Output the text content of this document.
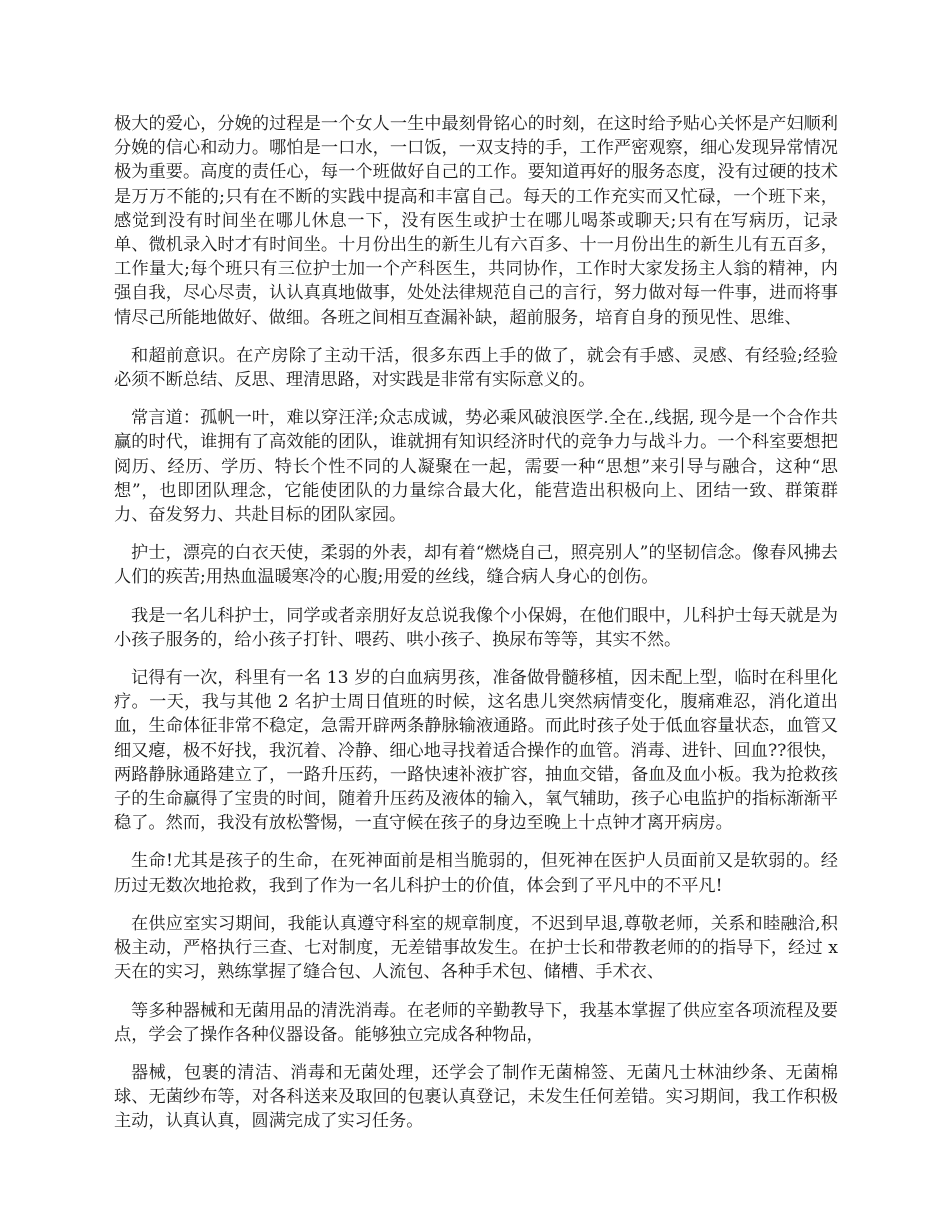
极大的爱心，分娩的过程是一个女人一生中最刻骨铭心的时刻，在这时给予贴心关怀是产妇顺利分娩的信心和动力。哪怕是一口水，一口饭，一双支持的手，工作严密观察，细心发现异常情况极为重要。高度的责任心，每一个班做好自己的工作。要知道再好的服务态度，没有过硬的技术是万万不能的;只有在不断的实践中提高和丰富自己。每天的工作充实而又忙碌，一个班下来，感觉到没有时间坐在哪儿休息一下，没有医生或护士在哪儿喝茶或聊天;只有在写病历，记录单、微机录入时才有时间坐。十月份出生的新生儿有六百多、十一月份出生的新生儿有五百多，工作量大;每个班只有三位护士加一个产科医生，共同协作，工作时大家发扬主人翁的精神，内强自我，尽心尽责，认认真真地做事，处处法律规范自己的言行，努力做对每一件事，进而将事情尽己所能地做好、做细。各班之间相互查漏补缺，超前服务，培育自身的预见性、思维、

和超前意识。在产房除了主动干活，很多东西上手的做了，就会有手感、灵感、有经验;经验必须不断总结、反思、理清思路，对实践是非常有实际意义的。

常言道：孤帆一叶，难以穿汪洋;众志成诚，势必乘风破浪医学.全在.,线据, 现今是一个合作共赢的时代，谁拥有了高效能的团队，谁就拥有知识经济时代的竞争力与战斗力。一个科室要想把阅历、经历、学历、特长个性不同的人凝聚在一起，需要一种“思想”来引导与融合，这种“思想”，也即团队理念，它能使团队的力量综合最大化，能营造出积极向上、团结一致、群策群力、奋发努力、共赴目标的团队家园。

护士，漂亮的白衣天使，柔弱的外表，却有着“燃烧自己，照亮别人”的坚韧信念。像春风拂去人们的疾苦;用热血温暖寒冷的心腹;用爱的丝线，缝合病人身心的创伤。

我是一名儿科护士，同学或者亲朋好友总说我像个小保姆，在他们眼中，儿科护士每天就是为小孩子服务的，给小孩子打针、喂药、哄小孩子、换尿布等等，其实不然。

记得有一次，科里有一名 13 岁的白血病男孩，准备做骨髓移植，因未配上型，临时在科里化疗。一天，我与其他 2 名护士周日值班的时候，这名患儿突然病情变化，腹痛难忍，消化道出血，生命体征非常不稳定，急需开辟两条静脉输液通路。而此时孩子处于低血容量状态，血管又细又瘪，极不好找，我沉着、冷静、细心地寻找着适合操作的血管。消毒、进针、回血??很快，两路静脉通路建立了，一路升压药，一路快速补液扩容，抽血交错，备血及血小板。我为抢救孩子的生命赢得了宝贵的时间，随着升压药及液体的输入，氧气辅助，孩子心电监护的指标渐渐平稳了。然而，我没有放松警惕，一直守候在孩子的身边至晚上十点钟才离开病房。

生命!尤其是孩子的生命，在死神面前是相当脆弱的，但死神在医护人员面前又是软弱的。经历过无数次地抢救，我到了作为一名儿科护士的价值，体会到了平凡中的不平凡!

在供应室实习期间，我能认真遵守科室的规章制度，不迟到早退,尊敬老师，关系和睦融洽,积极主动，严格执行三查、七对制度，无差错事故发生。在护士长和带教老师的的指导下，经过 x 天在的实习，熟练掌握了缝合包、人流包、各种手术包、储槽、手术衣、

等多种器械和无菌用品的清洗消毒。在老师的辛勤教导下，我基本掌握了供应室各项流程及要点，学会了操作各种仪器设备。能够独立完成各种物品，

器械，包裹的清洁、消毒和无菌处理，还学会了制作无菌棉签、无菌凡士林油纱条、无菌棉球、无菌纱布等，对各科送来及取回的包裹认真登记，未发生任何差错。实习期间，我工作积极主动，认真认真，圆满完成了实习任务。
